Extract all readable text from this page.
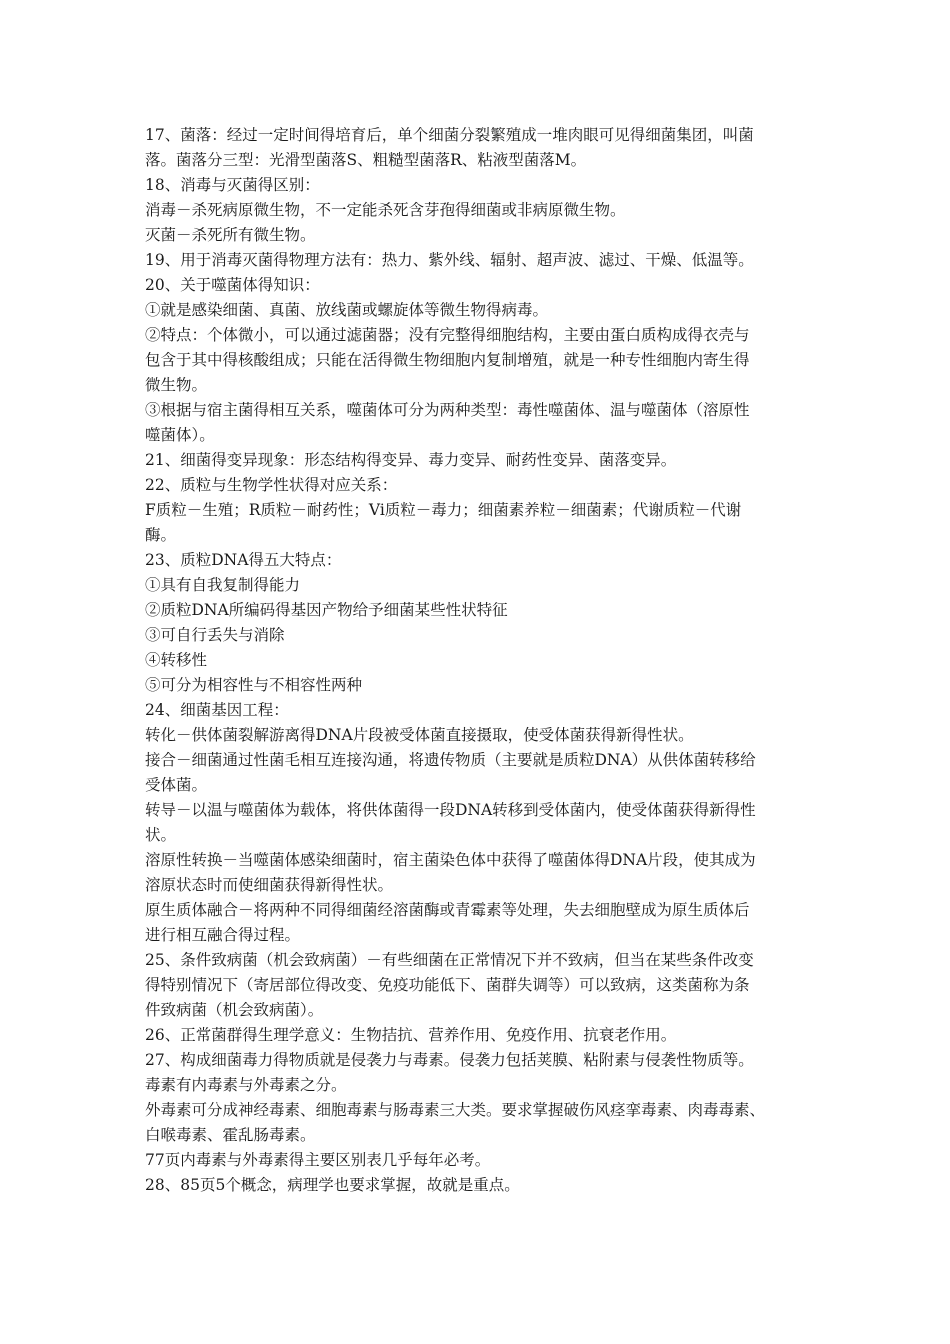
17、菌落：经过一定时间得培育后，单个细菌分裂繁殖成一堆肉眼可见得细菌集团，叫菌
落。菌落分三型：光滑型菌落S、粗糙型菌落R、粘液型菌落M。
18、消毒与灭菌得区别：
消毒－杀死病原微生物，不一定能杀死含芽孢得细菌或非病原微生物。
灭菌－杀死所有微生物。
19、用于消毒灭菌得物理方法有：热力、紫外线、辐射、超声波、滤过、干燥、低温等。
20、关于噬菌体得知识：
①就是感染细菌、真菌、放线菌或螺旋体等微生物得病毒。
②特点：个体微小，可以通过滤菌器；没有完整得细胞结构，主要由蛋白质构成得衣壳与
包含于其中得核酸组成；只能在活得微生物细胞内复制增殖，就是一种专性细胞内寄生得
微生物。
③根据与宿主菌得相互关系，噬菌体可分为两种类型：毒性噬菌体、温与噬菌体（溶原性
噬菌体）。
21、细菌得变异现象：形态结构得变异、毒力变异、耐药性变异、菌落变异。
22、质粒与生物学性状得对应关系：
F质粒－生殖；R质粒－耐药性；Vi质粒－毒力；细菌素养粒－细菌素；代谢质粒－代谢
酶。
23、质粒DNA得五大特点：
①具有自我复制得能力
②质粒DNA所编码得基因产物给予细菌某些性状特征
③可自行丢失与消除
④转移性
⑤可分为相容性与不相容性两种
24、细菌基因工程：
转化－供体菌裂解游离得DNA片段被受体菌直接摄取，使受体菌获得新得性状。
接合－细菌通过性菌毛相互连接沟通，将遗传物质（主要就是质粒DNA）从供体菌转移给
受体菌。
转导－以温与噬菌体为载体，将供体菌得一段DNA转移到受体菌内，使受体菌获得新得性
状。
溶原性转换－当噬菌体感染细菌时，宿主菌染色体中获得了噬菌体得DNA片段，使其成为
溶原状态时而使细菌获得新得性状。
原生质体融合－将两种不同得细菌经溶菌酶或青霉素等处理，失去细胞壁成为原生质体后
进行相互融合得过程。
25、条件致病菌（机会致病菌）－有些细菌在正常情况下并不致病，但当在某些条件改变
得特别情况下（寄居部位得改变、免疫功能低下、菌群失调等）可以致病，这类菌称为条
件致病菌（机会致病菌）。
26、正常菌群得生理学意义：生物拮抗、营养作用、免疫作用、抗衰老作用。
27、构成细菌毒力得物质就是侵袭力与毒素。侵袭力包括荚膜、粘附素与侵袭性物质等。
毒素有内毒素与外毒素之分。
外毒素可分成神经毒素、细胞毒素与肠毒素三大类。要求掌握破伤风痉挛毒素、肉毒毒素、
白喉毒素、霍乱肠毒素。
77页内毒素与外毒素得主要区别表几乎每年必考。
28、85页5个概念，病理学也要求掌握，故就是重点。
